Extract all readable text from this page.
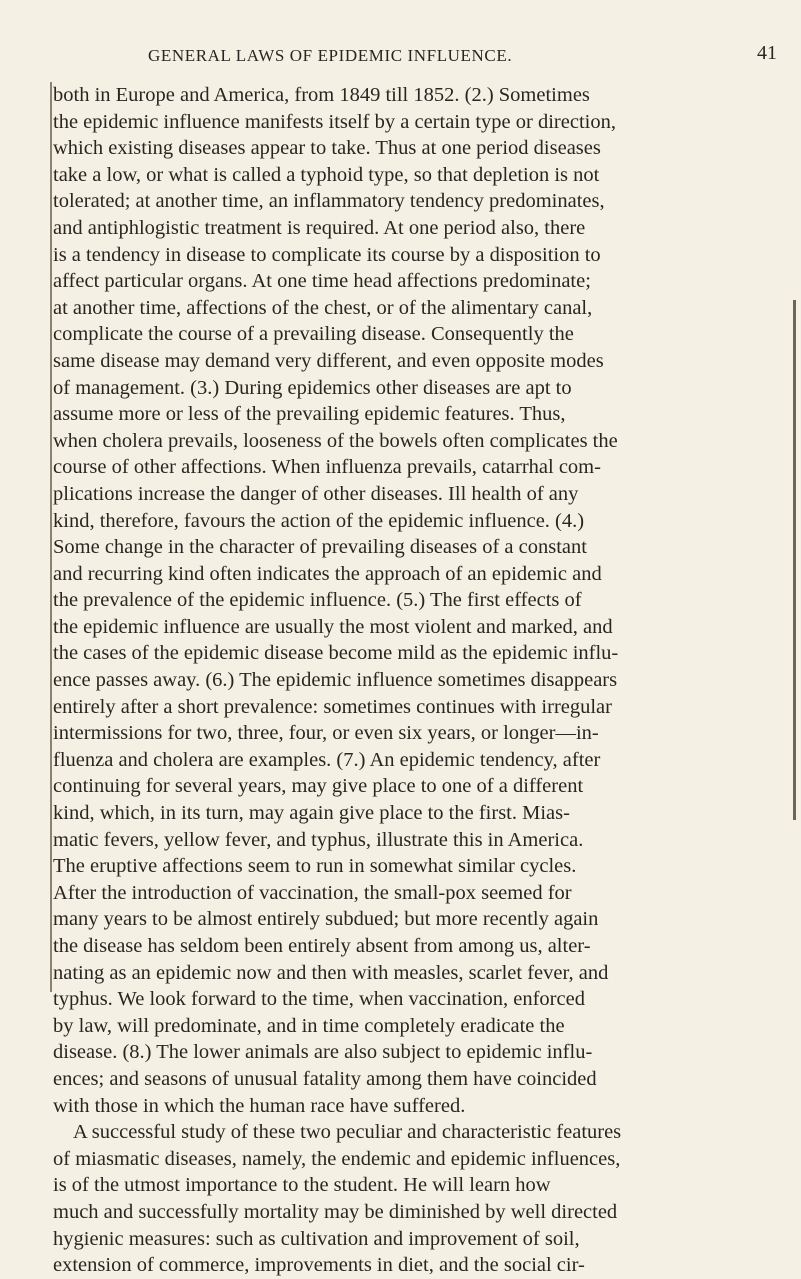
GENERAL LAWS OF EPIDEMIC INFLUENCE.	41
both in Europe and America, from 1849 till 1852. (2.) Sometimes
the epidemic influence manifests itself by a certain type or direction,
which existing diseases appear to take. Thus at one period diseases
take a low, or what is called a typhoid type, so that depletion is not
tolerated; at another time, an inflammatory tendency predominates,
and antiphlogistic treatment is required. At one period also, there
is a tendency in disease to complicate its course by a disposition to
affect particular organs. At one time head affections predominate;
at another time, affections of the chest, or of the alimentary canal,
complicate the course of a prevailing disease. Consequently the
same disease may demand very different, and even opposite modes
of management. (3.) During epidemics other diseases are apt to
assume more or less of the prevailing epidemic features. Thus,
when cholera prevails, looseness of the bowels often complicates the
course of other affections. When influenza prevails, catarrhal com-
plications increase the danger of other diseases. Ill health of any
kind, therefore, favours the action of the epidemic influence. (4.)
Some change in the character of prevailing diseases of a constant
and recurring kind often indicates the approach of an epidemic and
the prevalence of the epidemic influence. (5.) The first effects of
the epidemic influence are usually the most violent and marked, and
the cases of the epidemic disease become mild as the epidemic influ-
ence passes away. (6.) The epidemic influence sometimes disappears
entirely after a short prevalence: sometimes continues with irregular
intermissions for two, three, four, or even six years, or longer—in-
fluenza and cholera are examples. (7.) An epidemic tendency, after
continuing for several years, may give place to one of a different
kind, which, in its turn, may again give place to the first. Mias-
matic fevers, yellow fever, and typhus, illustrate this in America.
The eruptive affections seem to run in somewhat similar cycles.
After the introduction of vaccination, the small-pox seemed for
many years to be almost entirely subdued; but more recently again
the disease has seldom been entirely absent from among us, alter-
nating as an epidemic now and then with measles, scarlet fever, and
typhus. We look forward to the time, when vaccination, enforced
by law, will predominate, and in time completely eradicate the
disease. (8.) The lower animals are also subject to epidemic influ-
ences; and seasons of unusual fatality among them have coincided
with those in which the human race have suffered.
A successful study of these two peculiar and characteristic features
of miasmatic diseases, namely, the endemic and epidemic influences,
is of the utmost importance to the student. He will learn how
much and successfully mortality may be diminished by well directed
hygienic measures: such as cultivation and improvement of soil,
extension of commerce, improvements in diet, and the social cir-
